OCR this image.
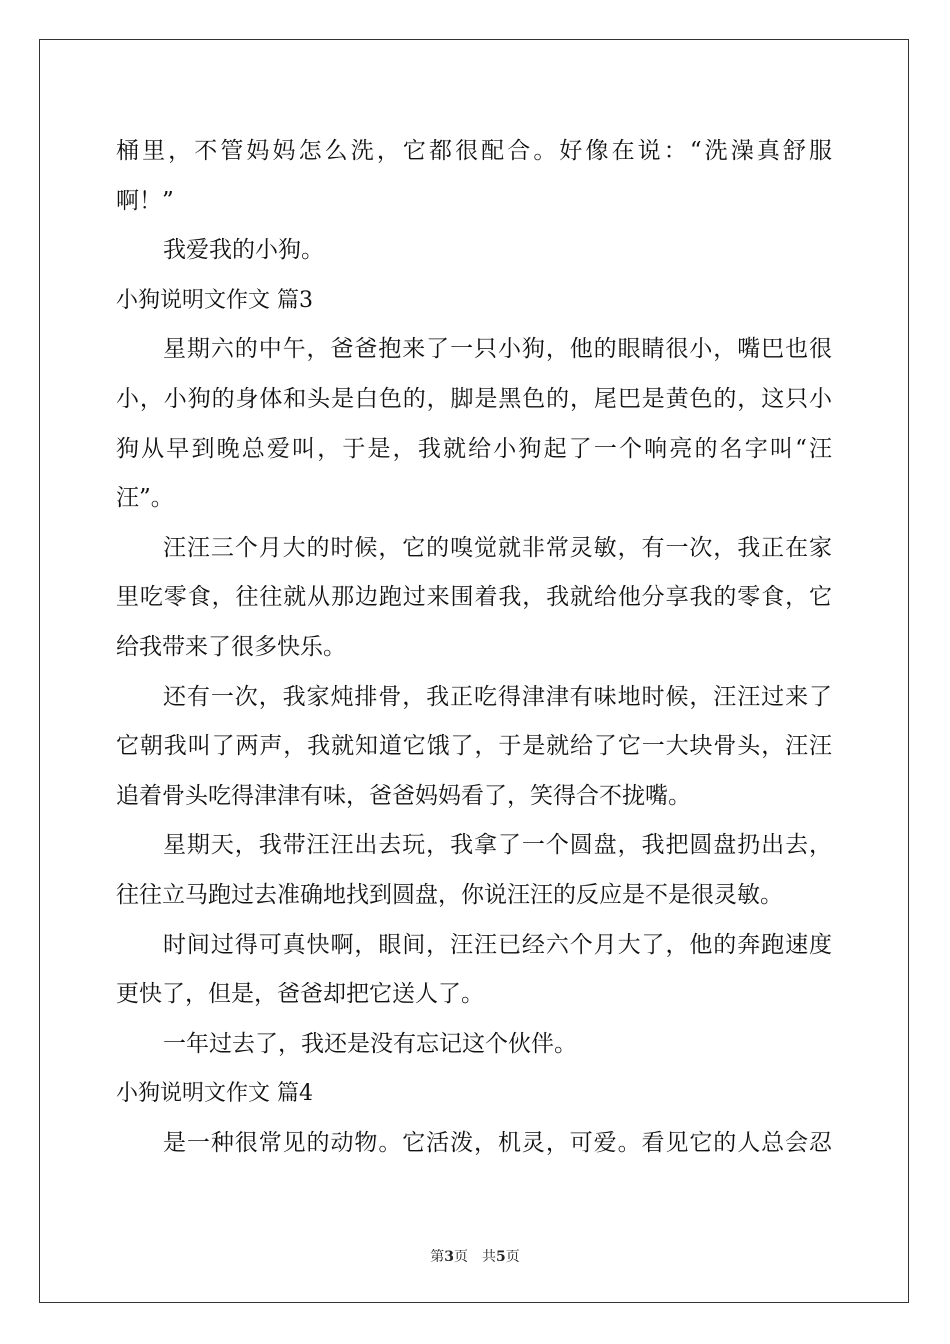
桶里，不管妈妈怎么洗，它都很配合。好像在说：“洗澡真舒服
啊！”
我爱我的小狗。
小狗说明文作文 篇3
星期六的中午，爸爸抱来了一只小狗，他的眼睛很小，嘴巴也很
小，小狗的身体和头是白色的，脚是黑色的，尾巴是黄色的，这只小
狗从早到晚总爱叫，于是，我就给小狗起了一个响亮的名字叫“汪
汪”。
汪汪三个月大的时候，它的嗅觉就非常灵敏，有一次，我正在家
里吃零食，往往就从那边跑过来围着我，我就给他分享我的零食，它
给我带来了很多快乐。
还有一次，我家炖排骨，我正吃得津津有味地时候，汪汪过来了
它朝我叫了两声，我就知道它饿了，于是就给了它一大块骨头，汪汪
追着骨头吃得津津有味，爸爸妈妈看了，笑得合不拢嘴。
星期天，我带汪汪出去玩，我拿了一个圆盘，我把圆盘扔出去，
往往立马跑过去准确地找到圆盘，你说汪汪的反应是不是很灵敏。
时间过得可真快啊，眼间，汪汪已经六个月大了，他的奔跑速度
更快了，但是，爸爸却把它送人了。
一年过去了，我还是没有忘记这个伙伴。
小狗说明文作文 篇4
是一种很常见的动物。它活泼，机灵，可爱。看见它的人总会忍
第3页　共5页
